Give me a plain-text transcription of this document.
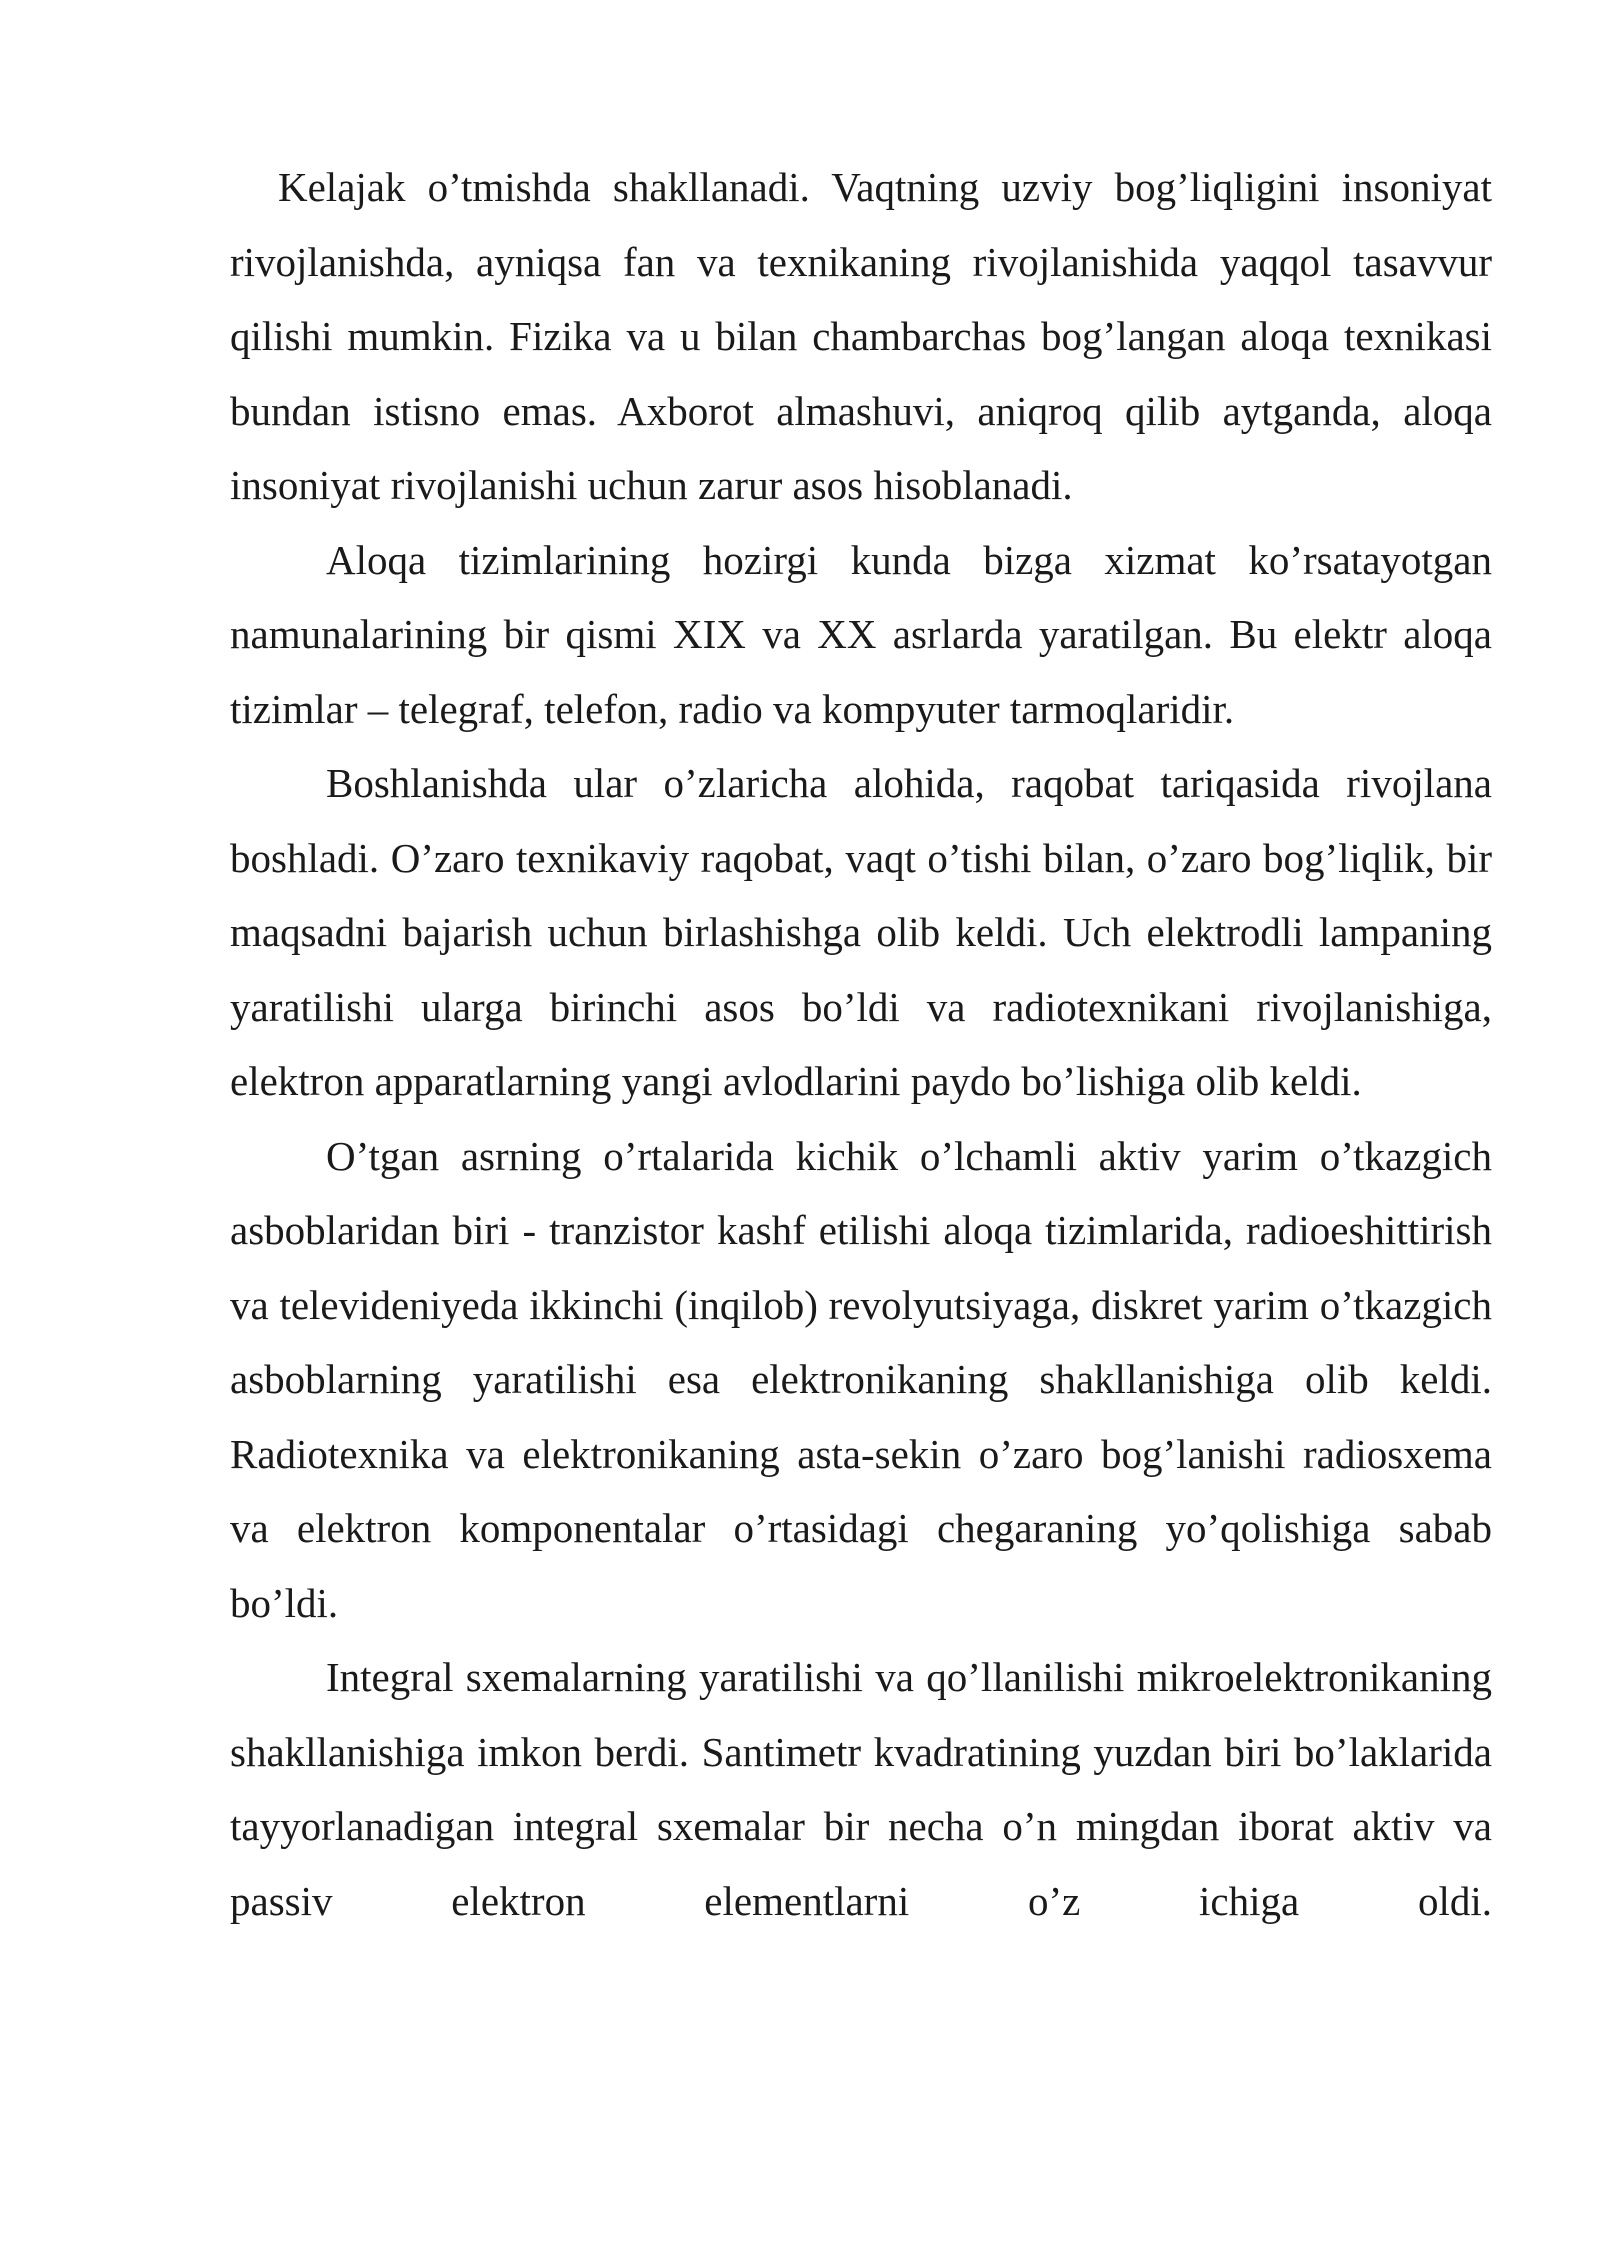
Kelajak o’tmishda shakllanadi. Vaqtning uzviy bog’liqligini insoniyat rivojlanishda, ayniqsa fan va texnikaning rivojlanishida yaqqol tasavvur qilishi mumkin. Fizika va u bilan chambarchas bog’langan aloqa texnikasi bundan istisno emas. Axborot almashuvi, aniqroq qilib aytganda, aloqa insoniyat rivojlanishi uchun zarur asos hisoblanadi.

Aloqa tizimlarining hozirgi kunda bizga xizmat ko’rsatayotgan namunalarining bir qismi XIX va XX asrlarda yaratilgan. Bu elektr aloqa tizimlar – telegraf, telefon, radio va kompyuter tarmoqlaridir.

Boshlanishda ular o’zlaricha alohida, raqobat tariqasida rivojlana boshladi. O’zaro texnikaviy raqobat, vaqt o’tishi bilan, o’zaro bog’liqlik, bir maqsadni bajarish uchun birlashishga olib keldi. Uch elektrodli lampaning yaratilishi ularga birinchi asos bo’ldi va radiotexnikani rivojlanishiga, elektron apparatlarning yangi avlodlarini paydo bo’lishiga olib keldi.

O’tgan asrning o’rtalarida kichik o’lchamli aktiv yarim o’tkazgich asboblaridan biri - tranzistor kashf etilishi aloqa tizimlarida, radioeshittirish va televideniyeda ikkinchi (inqilob) revolyutsiyaga, diskret yarim o’tkazgich asboblarning yaratilishi esa elektronikaning shakllanishiga olib keldi. Radiotexnika va elektronikaning asta-sekin o’zaro bog’lanishi radiosxema va elektron komponentalar o’rtasidagi chegaraning yo’qolishiga sabab bo’ldi.

Integral sxemalarning yaratilishi va qo’llanilishi mikroelektronikaning shakllanishiga imkon berdi. Santimetr kvadratining yuzdan biri bo’laklarida tayyorlanadigan integral sxemalar bir necha o’n mingdan iborat aktiv va passiv elektron elementlarni o’z ichiga oldi.
